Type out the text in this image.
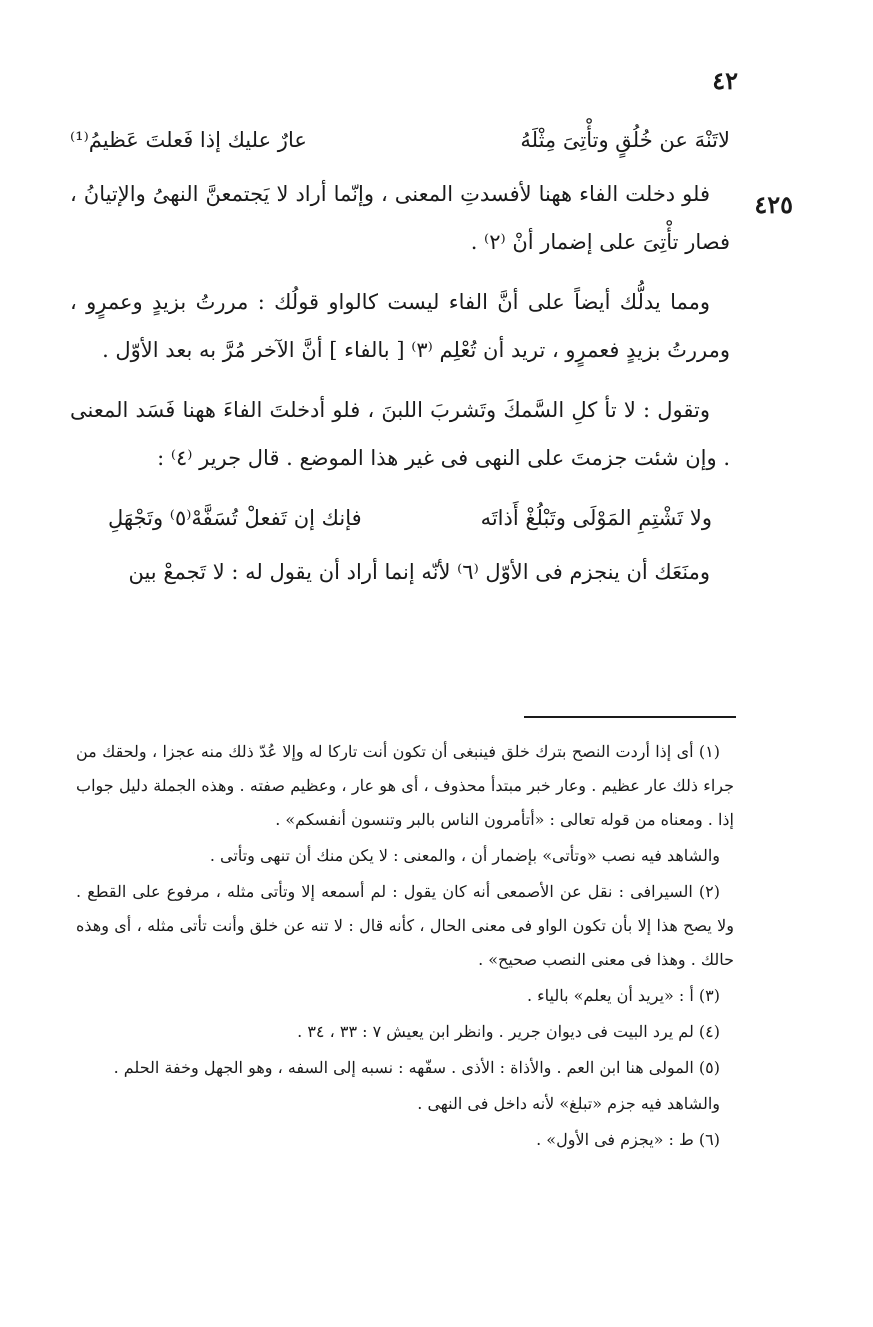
٤٢
٤٢٥
لاتَنْهَ عن خُلُقٍ وتأْتِىَ مِثْلَهُ
عارٌ عليك إذا فَعلتَ عَظيمُ⁽¹⁾

فلو دخلت الفاء ههنا لأفسدتِ المعنى ، وإنّما أراد لا يَجتمعنَّ النهىُ والإتيانُ ، فصار تأْتِىَ على إضمار أنْ ⁽٢⁾ .

ومما يدلُّك أيضاً على أنَّ الفاء ليست كالواو قولُك : مررتُ بزيدٍ وعمرٍو ، ومررتُ بزيدٍ فعمرٍو ، تريد أن تُعْلِم ⁽٣⁾ [ بالفاء ] أنَّ الآخر مُرَّ به بعد الأوّل .

وتقول : لا تأ كلِ السَّمكَ وتَشربَ اللبنَ ، فلو أدخلتَ الفاءَ ههنا فَسَد المعنى . وإن شئت جزمتَ على النهى فى غير هذا الموضع . قال جرير ⁽٤⁾ :

ولا تَشْتِمِ المَوْلَى وتَبْلُغْ أَذاتَه
فإنك إن تَفعلْ تُسَفَّهْ⁽٥⁾ وتَجْهَلِ

ومنَعَك أن ينجزم فى الأوّل ⁽٦⁾ لأنّه إنما أراد أن يقول له : لا تَجمعْ بين

(١) أى إذا أردت النصح بترك خلق فينبغى أن تكون أنت تاركا له وإلا عُدّ ذلك منه عجزا ، ولحقك من جراء ذلك عار عظيم . وعار خبر مبتدأ محذوف ، أى هو عار ، وعظيم صفته . وهذه الجملة دليل جواب إذا . ومعناه من قوله تعالى : «أتأمرون الناس بالبر وتنسون أنفسكم» .

والشاهد فيه نصب «وتأتى» بإضمار أن ، والمعنى : لا يكن منك أن تنهى وتأتى .

(٢) السيرافى : نقل عن الأصمعى أنه كان يقول : لم أسمعه إلا وتأتى مثله ، مرفوع على القطع . ولا يصح هذا إلا بأن تكون الواو فى معنى الحال ، كأنه قال : لا تنه عن خلق وأنت تأتى مثله ، أى وهذه حالك . وهذا فى معنى النصب صحيح» .

(٣) أ : «يريد أن يعلم» بالياء .

(٤) لم يرد البيت فى ديوان جرير . وانظر ابن يعيش ٧ : ٣٣ ، ٣٤ .

(٥) المولى هنا ابن العم . والأذاة : الأذى . سفّهه : نسبه إلى السفه ، وهو الجهل وخفة الحلم .

والشاهد فيه جزم «تبلغ» لأنه داخل فى النهى .

(٦) ط : «يجزم فى الأول» .
